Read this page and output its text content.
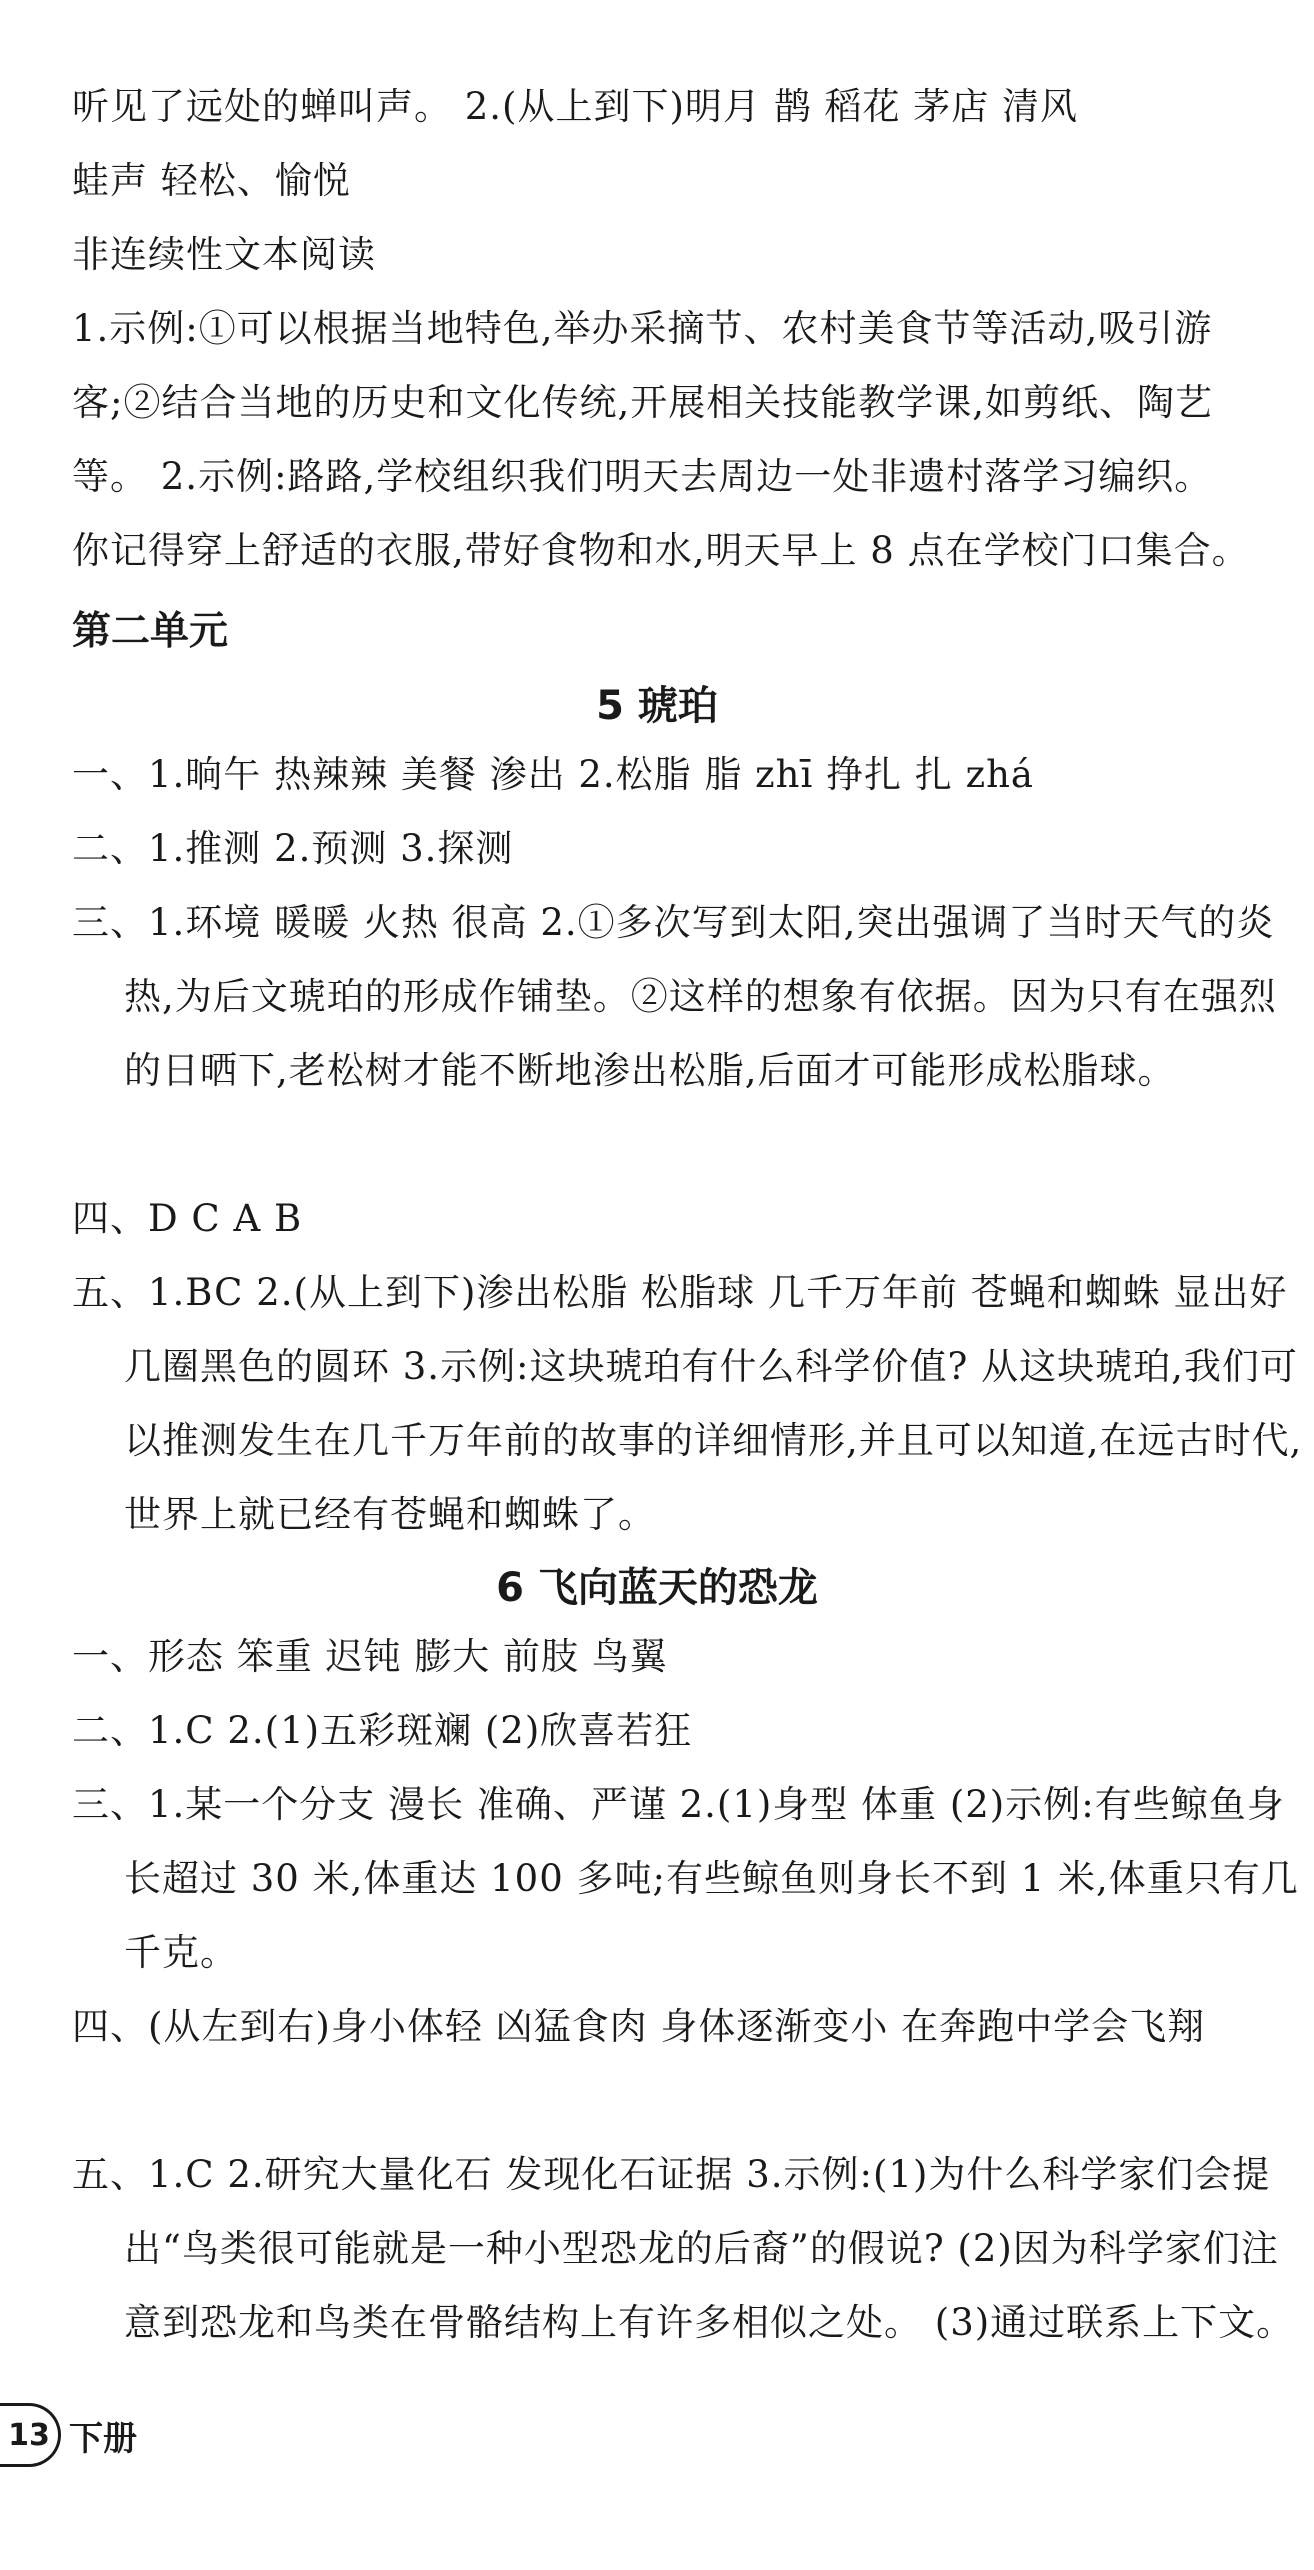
听见了远处的蝉叫声。 2.(从上到下)明月 鹊 稻花 茅店 清风
蛙声 轻松、愉悦

非连续性文本阅读

1.示例:①可以根据当地特色,举办采摘节、农村美食节等活动,吸引游
客;②结合当地的历史和文化传统,开展相关技能教学课,如剪纸、陶艺
等。 2.示例:路路,学校组织我们明天去周边一处非遗村落学习编织。
你记得穿上舒适的衣服,带好食物和水,明天早上 8 点在学校门口集合。

第二单元

5 琥珀

一、1.晌午 热辣辣 美餐 渗出 2.松脂 脂 zhī 挣扎 扎 zhá

二、1.推测 2.预测 3.探测

三、1.环境 暖暖 火热 很高 2.①多次写到太阳,突出强调了当时天气的炎热,为后文琥珀的形成作铺垫。②这样的想象有依据。因为只有在强烈的日晒下,老松树才能不断地渗出松脂,后面才可能形成松脂球。

四、D C A B

五、1.BC 2.(从上到下)渗出松脂 松脂球 几千万年前 苍蝇和蜘蛛 显出好几圈黑色的圆环 3.示例:这块琥珀有什么科学价值? 从这块琥珀,我们可以推测发生在几千万年前的故事的详细情形,并且可以知道,在远古时代,世界上就已经有苍蝇和蜘蛛了。

6 飞向蓝天的恐龙

一、形态 笨重 迟钝 膨大 前肢 鸟翼

二、1.C 2.(1)五彩斑斓 (2)欣喜若狂

三、1.某一个分支 漫长 准确、严谨 2.(1)身型 体重 (2)示例:有些鲸鱼身长超过 30 米,体重达 100 多吨;有些鲸鱼则身长不到 1 米,体重只有几千克。

四、(从左到右)身小体轻 凶猛食肉 身体逐渐变小 在奔跑中学会飞翔

五、1.C 2.研究大量化石 发现化石证据 3.示例:(1)为什么科学家们会提出“鸟类很可能就是一种小型恐龙的后裔”的假说? (2)因为科学家们注意到恐龙和鸟类在骨骼结构上有许多相似之处。 (3)通过联系上下文。

13 下册
